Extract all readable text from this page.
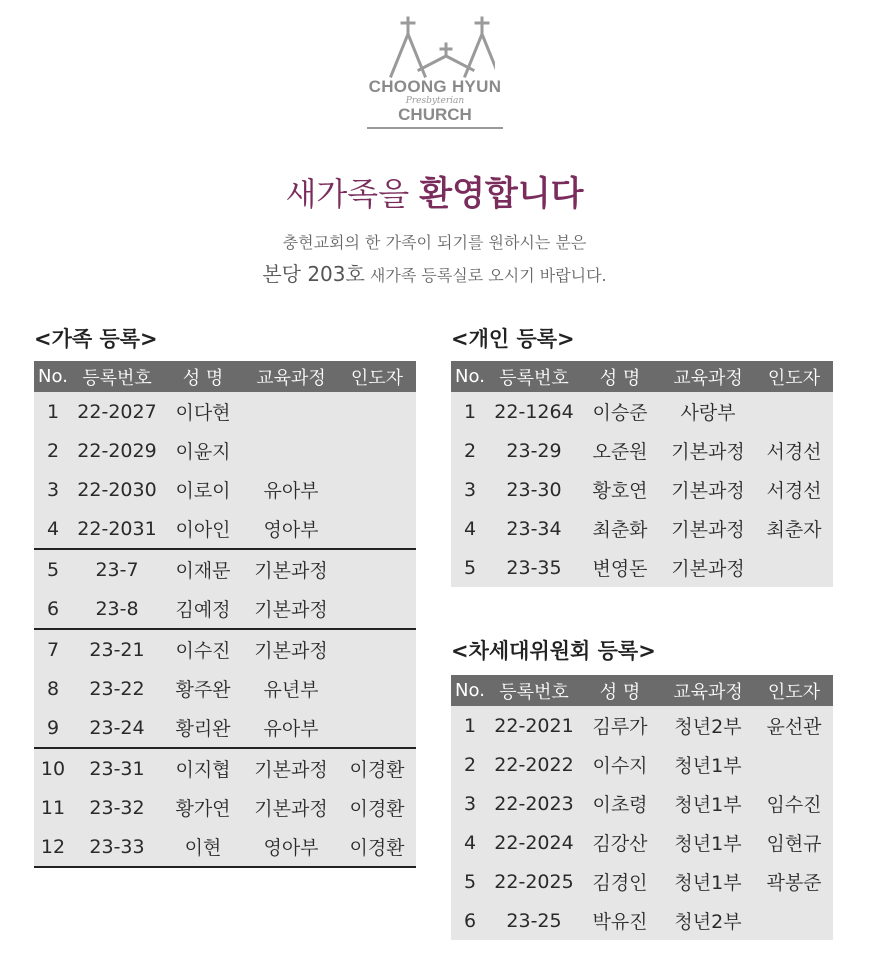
CHOONG HYUN
Presbyterian
CHURCH
새가족을 환영합니다
충현교회의 한 가족이 되기를 원하시는 분은
본당 203호 새가족 등록실로 오시기 바랍니다.
<가족 등록>	<개인 등록>
<차세대위원회 등록>
No.	등록번호	성 명	교육과정	인도자
1	22-2027	이다현		
2	22-2029	이윤지		
3	22-2030	이로이	유아부	
4	22-2031	이아인	영아부	
5	23-7	이재문	기본과정	
6	23-8	김예정	기본과정	
7	23-21	이수진	기본과정	
8	23-22	황주완	유년부	
9	23-24	황리완	유아부	
10	23-31	이지협	기본과정	이경환
11	23-32	황가연	기본과정	이경환
12	23-33	이현	영아부	이경환
No.	등록번호	성 명	교육과정	인도자
1	22-1264	이승준	사랑부	
2	23-29	오준원	기본과정	서경선
3	23-30	황호연	기본과정	서경선
4	23-34	최춘화	기본과정	최춘자
5	23-35	변영돈	기본과정	
No.	등록번호	성 명	교육과정	인도자
1	22-2021	김루가	청년2부	윤선관
2	22-2022	이수지	청년1부	
3	22-2023	이초령	청년1부	임수진
4	22-2024	김강산	청년1부	임현규
5	22-2025	김경인	청년1부	곽봉준
6	23-25	박유진	청년2부	
